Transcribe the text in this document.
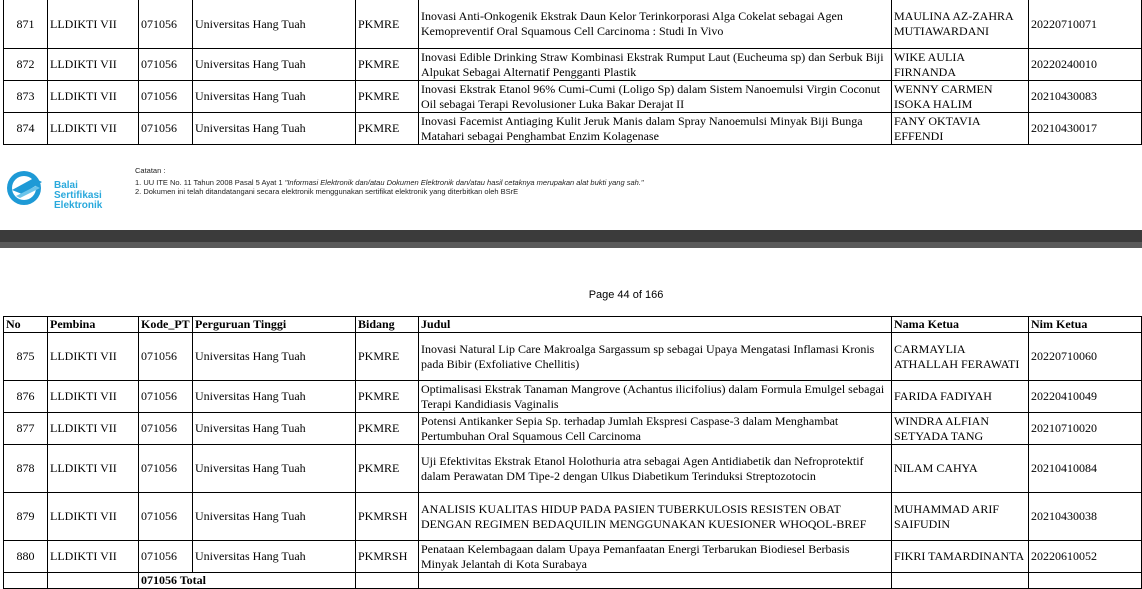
871	LLDIKTI VII	071056	Universitas Hang Tuah	PKMRE	Inovasi Anti-Onkogenik Ekstrak Daun Kelor Terinkorporasi Alga Cokelat sebagai Agen Kemopreventif Oral Squamous Cell Carcinoma : Studi In Vivo	MAULINA AZ-ZAHRA MUTIAWARDANI	20220710071
872	LLDIKTI VII	071056	Universitas Hang Tuah	PKMRE	Inovasi Edible Drinking Straw Kombinasi Ekstrak Rumput Laut (Eucheuma sp) dan Serbuk Biji Alpukat Sebagai Alternatif Pengganti Plastik	WIKE AULIA FIRNANDA	20220240010
873	LLDIKTI VII	071056	Universitas Hang Tuah	PKMRE	Inovasi Ekstrak Etanol 96% Cumi-Cumi (Loligo Sp) dalam Sistem Nanoemulsi Virgin Coconut Oil sebagai Terapi Revolusioner Luka Bakar Derajat II	WENNY CARMEN ISOKA HALIM	20210430083
874	LLDIKTI VII	071056	Universitas Hang Tuah	PKMRE	Inovasi Facemist Antiaging Kulit Jeruk Manis dalam Spray Nanoemulsi Minyak Biji Bunga Matahari sebagai Penghambat Enzim Kolagenase	FANY OKTAVIA EFFENDI	20210430017
Balai
Sertifikasi
Elektronik
Catatan :
1. UU ITE No. 11 Tahun 2008 Pasal 5 Ayat 1 "Informasi Elektronik dan/atau Dokumen Elektronik dan/atau hasil cetaknya merupakan alat bukti yang sah."
2. Dokumen ini telah ditandatangani secara elektronik menggunakan sertifikat elektronik yang diterbitkan oleh BSrE
Page 44 of 166
No	Pembina	Kode_PT	Perguruan Tinggi	Bidang	Judul	Nama Ketua	Nim Ketua
875	LLDIKTI VII	071056	Universitas Hang Tuah	PKMRE	Inovasi Natural Lip Care Makroalga Sargassum sp sebagai Upaya Mengatasi Inflamasi Kronis pada Bibir (Exfoliative Chellitis)	CARMAYLIA ATHALLAH FERAWATI	20220710060
876	LLDIKTI VII	071056	Universitas Hang Tuah	PKMRE	Optimalisasi Ekstrak Tanaman Mangrove (Achantus ilicifolius) dalam Formula Emulgel sebagai Terapi Kandidiasis Vaginalis	FARIDA FADIYAH	20220410049
877	LLDIKTI VII	071056	Universitas Hang Tuah	PKMRE	Potensi Antikanker Sepia Sp. terhadap Jumlah Ekspresi Caspase-3 dalam Menghambat Pertumbuhan Oral Squamous Cell Carcinoma	WINDRA ALFIAN SETYADA TANG	20210710020
878	LLDIKTI VII	071056	Universitas Hang Tuah	PKMRE	Uji Efektivitas Ekstrak Etanol Holothuria atra sebagai Agen Antidiabetik dan Nefroprotektif dalam Perawatan DM Tipe-2 dengan Ulkus Diabetikum Terinduksi Streptozotocin	NILAM CAHYA	20210410084
879	LLDIKTI VII	071056	Universitas Hang Tuah	PKMRSH	ANALISIS KUALITAS HIDUP PADA PASIEN TUBERKULOSIS RESISTEN OBAT DENGAN REGIMEN BEDAQUILIN MENGGUNAKAN KUESIONER WHOQOL-BREF	MUHAMMAD ARIF SAIFUDIN	20210430038
880	LLDIKTI VII	071056	Universitas Hang Tuah	PKMRSH	Penataan Kelembagaan dalam Upaya Pemanfaatan Energi Terbarukan Biodiesel Berbasis Minyak Jelantah di Kota Surabaya	FIKRI TAMARDINANTA	20220610052
		071056 Total					
